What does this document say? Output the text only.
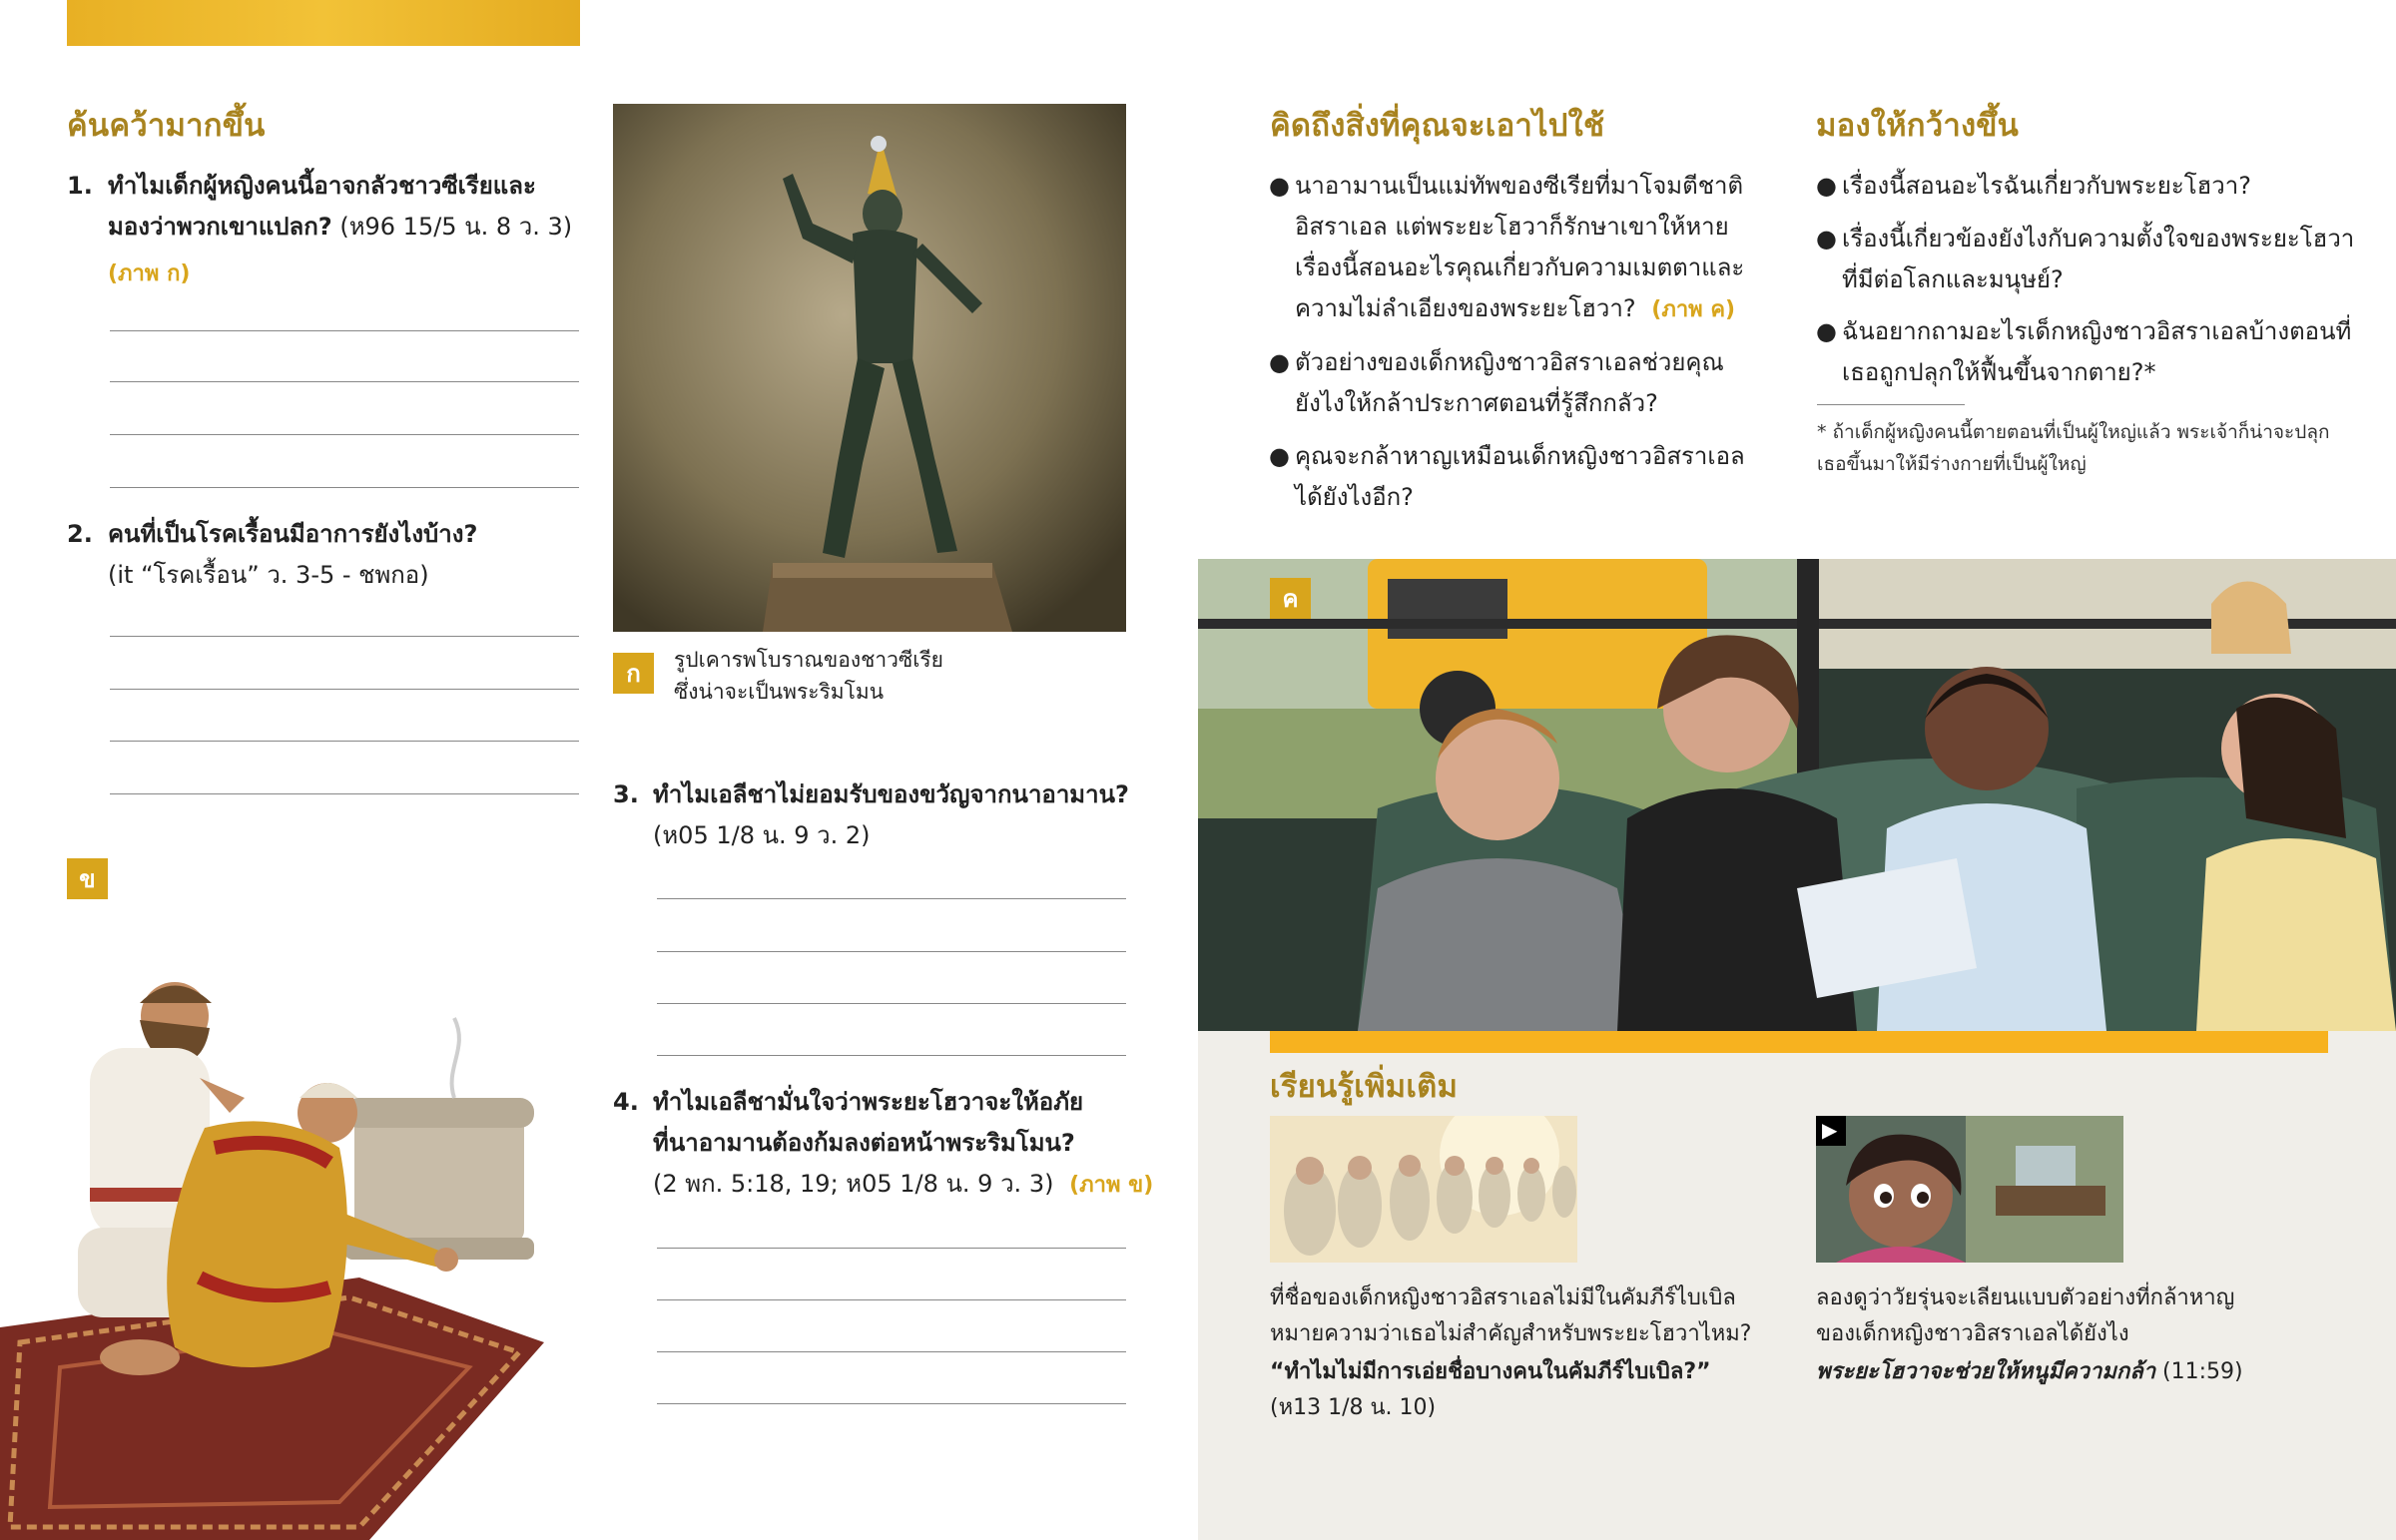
ค้นคว้ามากขึ้น
1. ทำไมเด็กผู้หญิงคนนี้อาจกลัวชาวซีเรียและ
มองว่าพวกเขาแปลก? (ห96 15/5 น. 8 ว. 3)
(ภาพ ก)
2. คนที่เป็นโรคเรื้อนมีอาการยังไงบ้าง?
(it “โรคเรื้อน” ว. 3-5 - ชพกอ)
ข
ก	รูปเคารพโบราณของชาวซีเรีย
ซึ่งน่าจะเป็นพระริมโมน
3. ทำไมเอลีชาไม่ยอมรับของขวัญจากนาอามาน?
(ห05 1/8 น. 9 ว. 2)
4. ทำไมเอลีชามั่นใจว่าพระยะโฮวาจะให้อภัย
ที่นาอามานต้องก้มลงต่อหน้าพระริมโมน?
(2 พก. 5:18, 19; ห05 1/8 น. 9 ว. 3) (ภาพ ข)
คิดถึงสิ่งที่คุณจะเอาไปใช้
● นาอามานเป็นแม่ทัพของซีเรียที่มาโจมตีชาติ
อิสราเอล แต่พระยะโฮวาก็รักษาเขาให้หาย
เรื่องนี้สอนอะไรคุณเกี่ยวกับความเมตตาและ
ความไม่ลำเอียงของพระยะโฮวา? (ภาพ ค)
● ตัวอย่างของเด็กหญิงชาวอิสราเอลช่วยคุณ
ยังไงให้กล้าประกาศตอนที่รู้สึกกลัว?
● คุณจะกล้าหาญเหมือนเด็กหญิงชาวอิสราเอล
ได้ยังไงอีก?
มองให้กว้างขึ้น
● เรื่องนี้สอนอะไรฉันเกี่ยวกับพระยะโฮวา?
● เรื่องนี้เกี่ยวข้องยังไงกับความตั้งใจของพระยะโฮวา
ที่มีต่อโลกและมนุษย์?
● ฉันอยากถามอะไรเด็กหญิงชาวอิสราเอลบ้างตอนที่
เธอถูกปลุกให้ฟื้นขึ้นจากตาย?*
* ถ้าเด็กผู้หญิงคนนี้ตายตอนที่เป็นผู้ใหญ่แล้ว พระเจ้าก็น่าจะปลุก
เธอขึ้นมาให้มีร่างกายที่เป็นผู้ใหญ่
ค
เรียนรู้เพิ่มเติม
ที่ชื่อของเด็กหญิงชาวอิสราเอลไม่มีในคัมภีร์ไบเบิล
หมายความว่าเธอไม่สำคัญสำหรับพระยะโฮวาไหม?
“ทำไมไม่มีการเอ่ยชื่อบางคนในคัมภีร์ไบเบิล?”
(ห13 1/8 น. 10)
▶
ลองดูว่าวัยรุ่นจะเลียนแบบตัวอย่างที่กล้าหาญ
ของเด็กหญิงชาวอิสราเอลได้ยังไง
พระยะโฮวาจะช่วยให้หนูมีความกล้า (11:59)
